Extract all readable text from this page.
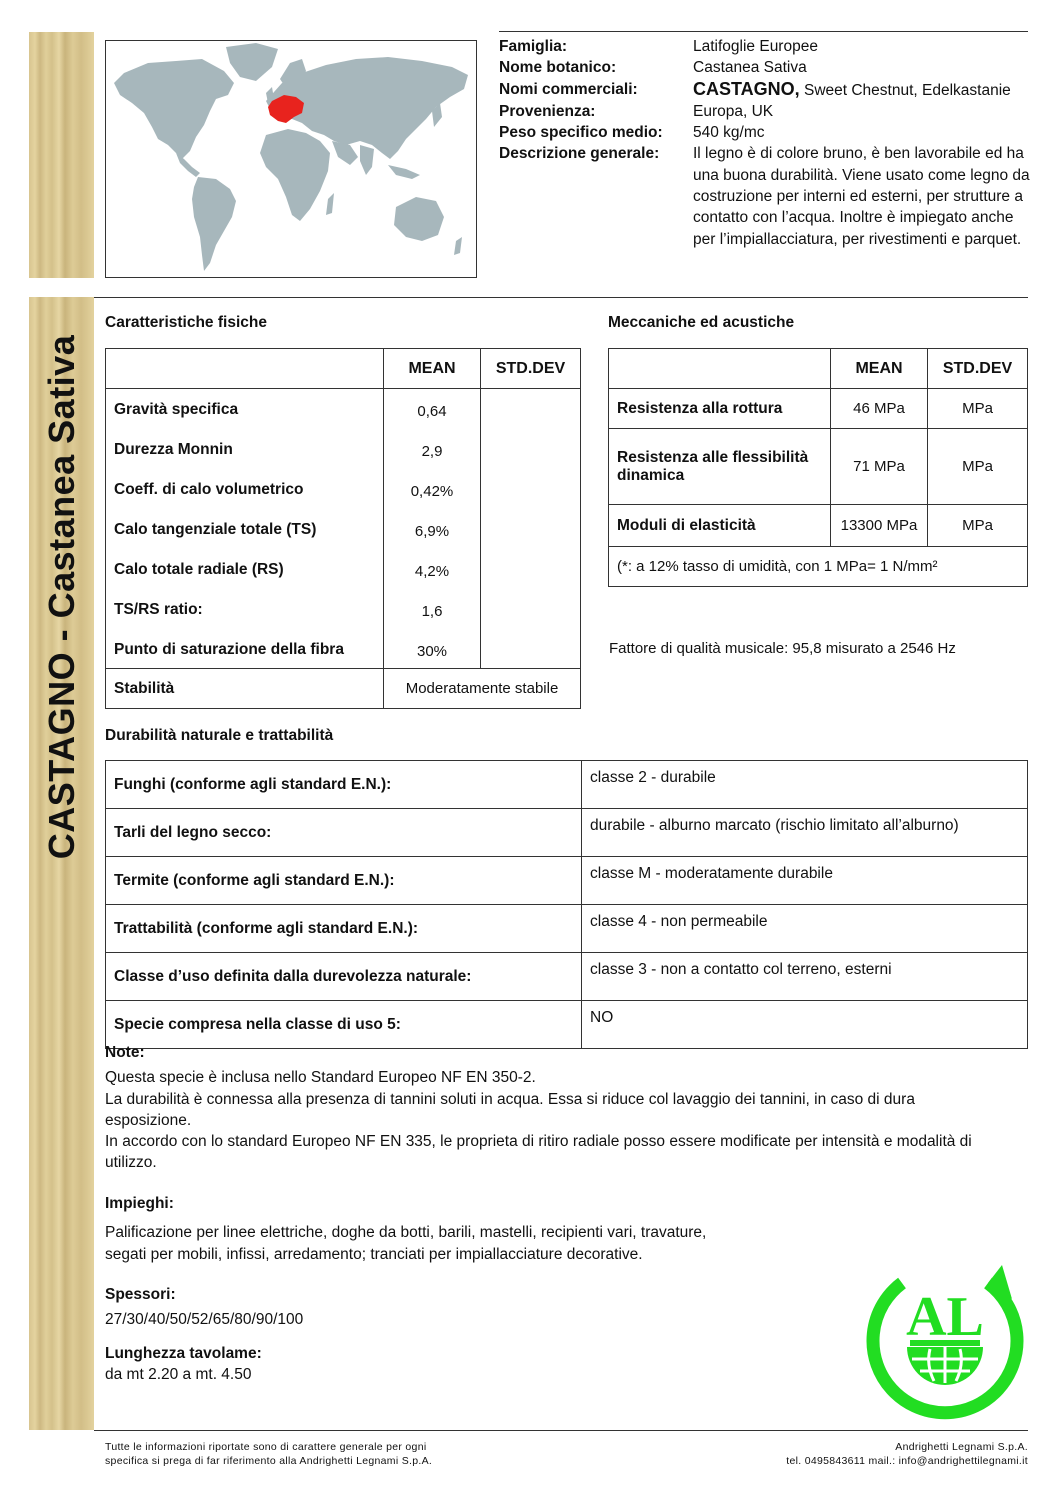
CASTAGNO - Castanea Sativa
Famiglia:	Latifoglie Europee
Nome botanico:	Castanea Sativa
Nomi commerciali:	CASTAGNO, Sweet Chestnut, Edelkastanie
Provenienza:	Europa, UK
Peso specifico medio:	540 kg/mc
Descrizione generale:	Il legno è di colore bruno, è ben lavorabile ed ha una buona durabilità. Viene usato come legno da costruzione per interni ed esterni, per strutture a contatto con l’acqua. Inoltre è impiegato anche per l’impiallacciatura, per rivestimenti e parquet.
Caratteristiche fisiche	Meccaniche ed acustiche
	MEAN	STD.DEV
Gravità specifica	0,64	
Durezza Monnin	2,9	
Coeff. di calo volumetrico	0,42%	
Calo tangenziale totale (TS)	6,9%	
Calo totale radiale (RS)	4,2%	
TS/RS ratio:	1,6	
Punto di saturazione della fibra	30%	
Stabilità	Moderatamente stabile	
	MEAN	STD.DEV
Resistenza alla rottura	46 MPa	MPa
Resistenza alle flessibilità dinamica	71 MPa	MPa
Moduli di elasticità	13300 MPa	MPa
(*: a 12% tasso di umidità, con 1 MPa= 1 N/mm²		
Fattore di qualità musicale: 95,8 misurato a 2546 Hz
Durabilità naturale e trattabilità
Funghi (conforme agli standard E.N.):	classe 2 - durabile
Tarli del legno secco:	durabile - alburno marcato (rischio limitato all’alburno)
Termite (conforme agli standard E.N.):	classe M - moderatamente durabile
Trattabilità (conforme agli standard E.N.):	classe 4 - non permeabile
Classe d’uso definita dalla durevolezza naturale:	classe 3 - non a contatto col terreno, esterni
Specie compresa nella classe di uso 5:	NO
Note:
Questa specie è inclusa nello Standard Europeo NF EN 350-2.
La durabilità è connessa alla presenza di tannini soluti in acqua. Essa si riduce col lavaggio dei tannini, in caso di dura esposizione.
In accordo con lo standard Europeo NF EN 335, le proprieta di ritiro radiale posso essere modificate per intensità e modalità di utilizzo.
Impieghi:
Palificazione per linee elettriche, doghe da botti, barili, mastelli, recipienti vari, travature, segati per mobili, infissi, arredamento; tranciati per impiallacciature decorative.
Spessori:
27/30/40/50/52/65/80/90/100
Lunghezza tavolame:
da mt 2.20 a mt. 4.50
AL
Tutte le informazioni riportate sono di carattere generale per ogni
specifica si prega di far riferimento alla Andrighetti Legnami S.p.A.
Andrighetti Legnami S.p.A.
tel. 0495843611 mail.: info@andrighettilegnami.it
